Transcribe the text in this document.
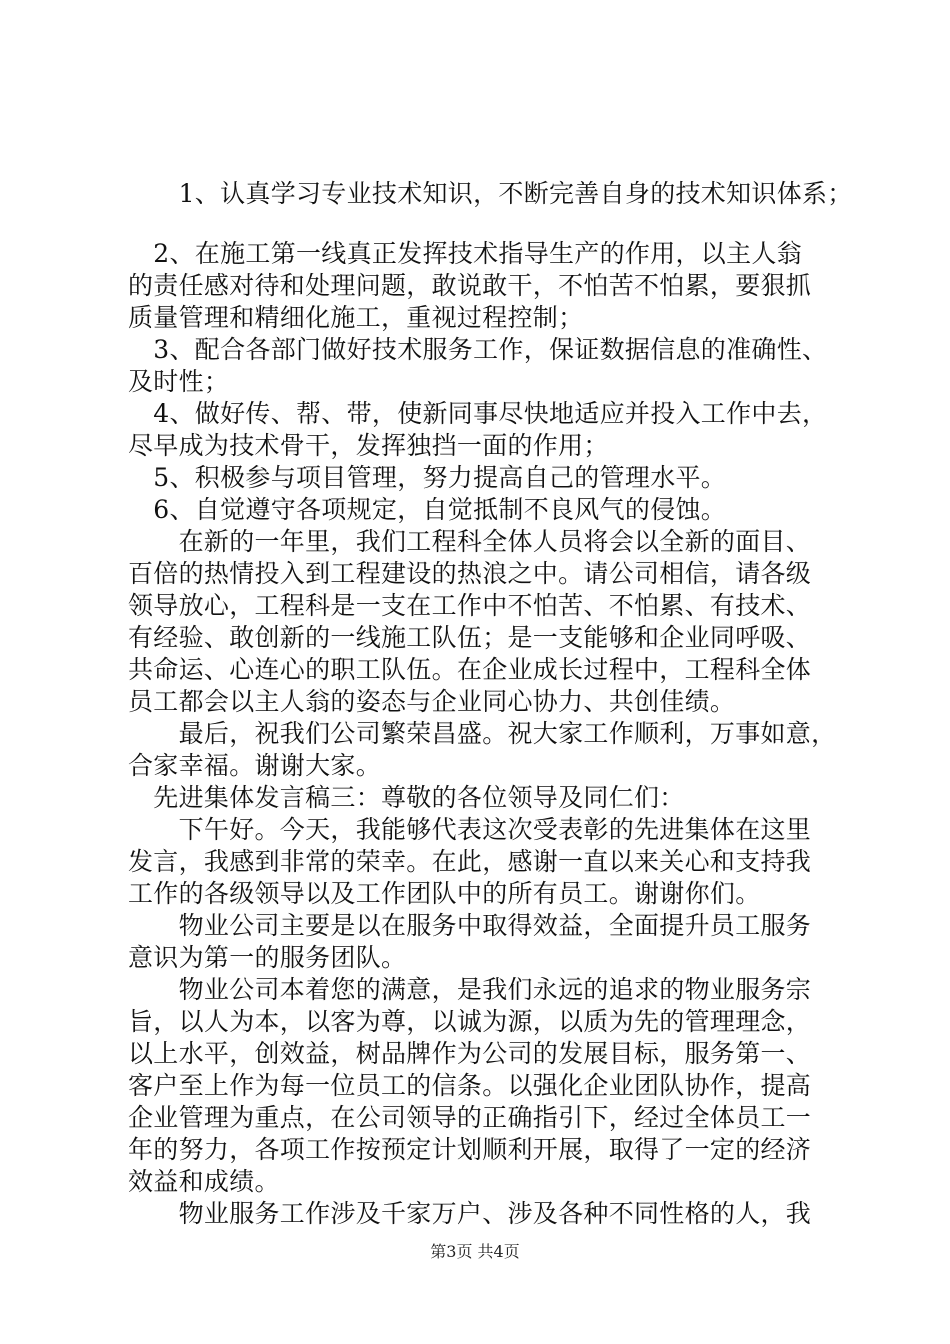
　　1、认真学习专业技术知识，不断完善自身的技术知识体系；
　2、在施工第一线真正发挥技术指导生产的作用，以主人翁
的责任感对待和处理问题，敢说敢干，不怕苦不怕累，要狠抓
质量管理和精细化施工，重视过程控制；
　3、配合各部门做好技术服务工作，保证数据信息的准确性、
及时性；
　4、做好传、帮、带，使新同事尽快地适应并投入工作中去，
尽早成为技术骨干，发挥独挡一面的作用；
　5、积极参与项目管理，努力提高自己的管理水平。
　6、自觉遵守各项规定，自觉抵制不良风气的侵蚀。
　　在新的一年里，我们工程科全体人员将会以全新的面目、
百倍的热情投入到工程建设的热浪之中。请公司相信，请各级
领导放心，工程科是一支在工作中不怕苦、不怕累、有技术、
有经验、敢创新的一线施工队伍；是一支能够和企业同呼吸、
共命运、心连心的职工队伍。在企业成长过程中，工程科全体
员工都会以主人翁的姿态与企业同心协力、共创佳绩。
　　最后，祝我们公司繁荣昌盛。祝大家工作顺利，万事如意，
合家幸福。谢谢大家。
　先进集体发言稿三：尊敬的各位领导及同仁们：
　　下午好。今天，我能够代表这次受表彰的先进集体在这里
发言，我感到非常的荣幸。在此，感谢一直以来关心和支持我
工作的各级领导以及工作团队中的所有员工。谢谢你们。
　　物业公司主要是以在服务中取得效益，全面提升员工服务
意识为第一的服务团队。
　　物业公司本着您的满意，是我们永远的追求的物业服务宗
旨，以人为本，以客为尊，以诚为源，以质为先的管理理念，
以上水平，创效益，树品牌作为公司的发展目标，服务第一、
客户至上作为每一位员工的信条。以强化企业团队协作，提高
企业管理为重点，在公司领导的正确指引下，经过全体员工一
年的努力，各项工作按预定计划顺利开展，取得了一定的经济
效益和成绩。
　　物业服务工作涉及千家万户、涉及各种不同性格的人，我
第3页 共4页
